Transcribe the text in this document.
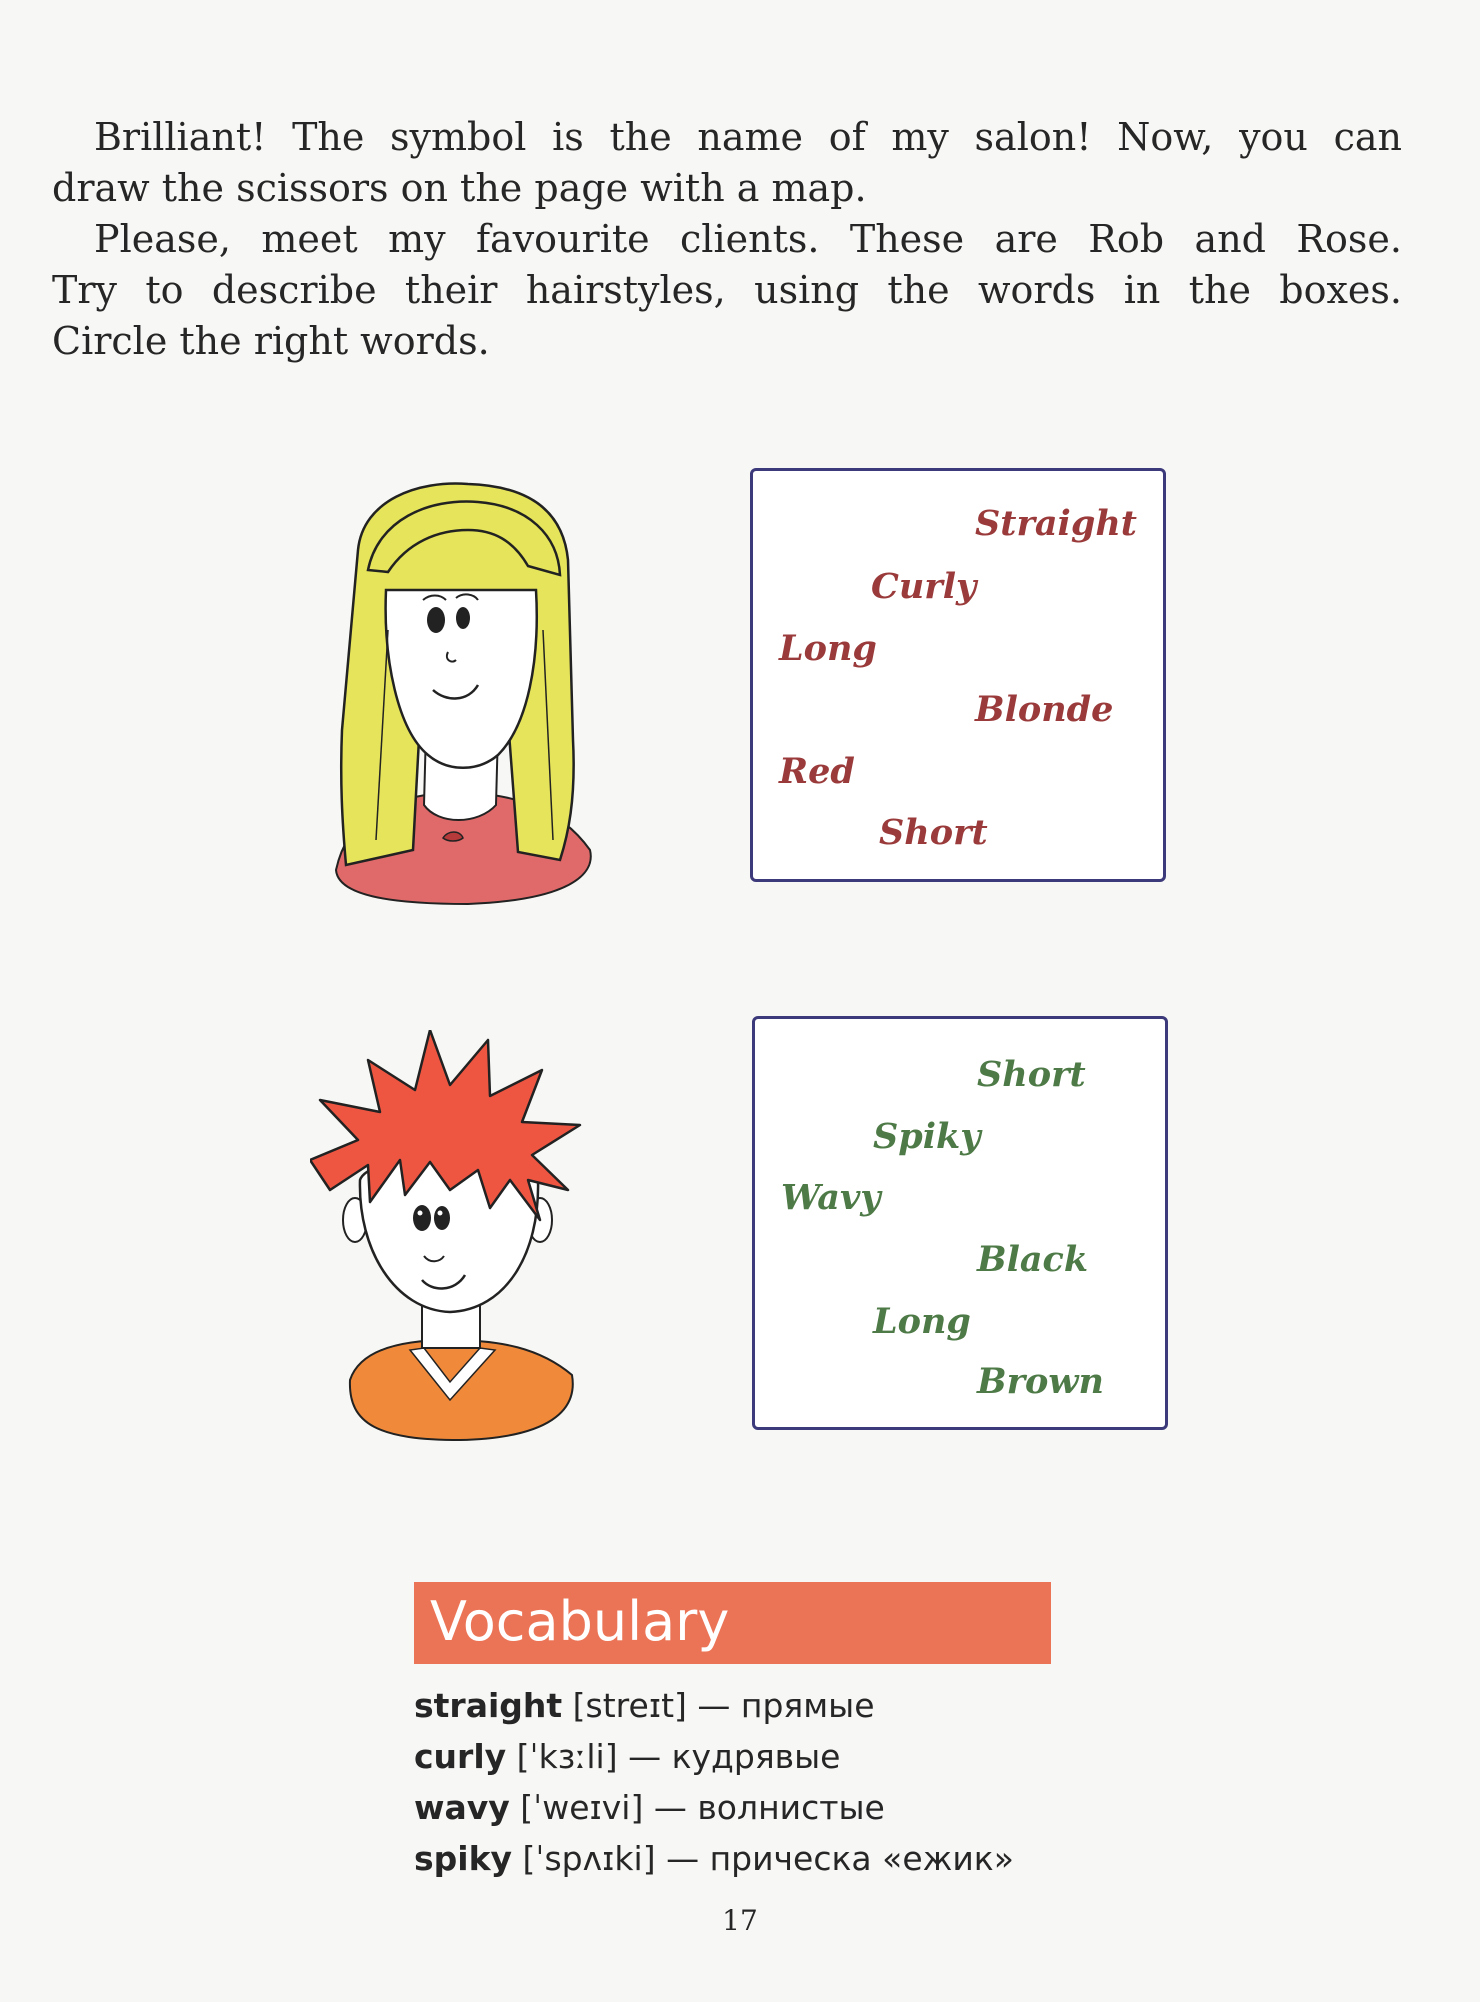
Brilliant! The symbol is the name of my salon! Now, you can
draw the scissors on the page with a map.

Please, meet my favourite clients. These are Rob and Rose.
Try to describe their hairstyles, using the words in the boxes.
Circle the right words.

Straight
Curly
Long
Blonde
Red
Short
Short
Spiky
Wavy
Black
Long
Brown
Vocabulary
straight [streɪt] — прямые
curly [ˈkɜːli] — кудрявые
wavy [ˈweɪvi] — волнистые
spiky [ˈspʌɪki] — прическа «ежик»
17
